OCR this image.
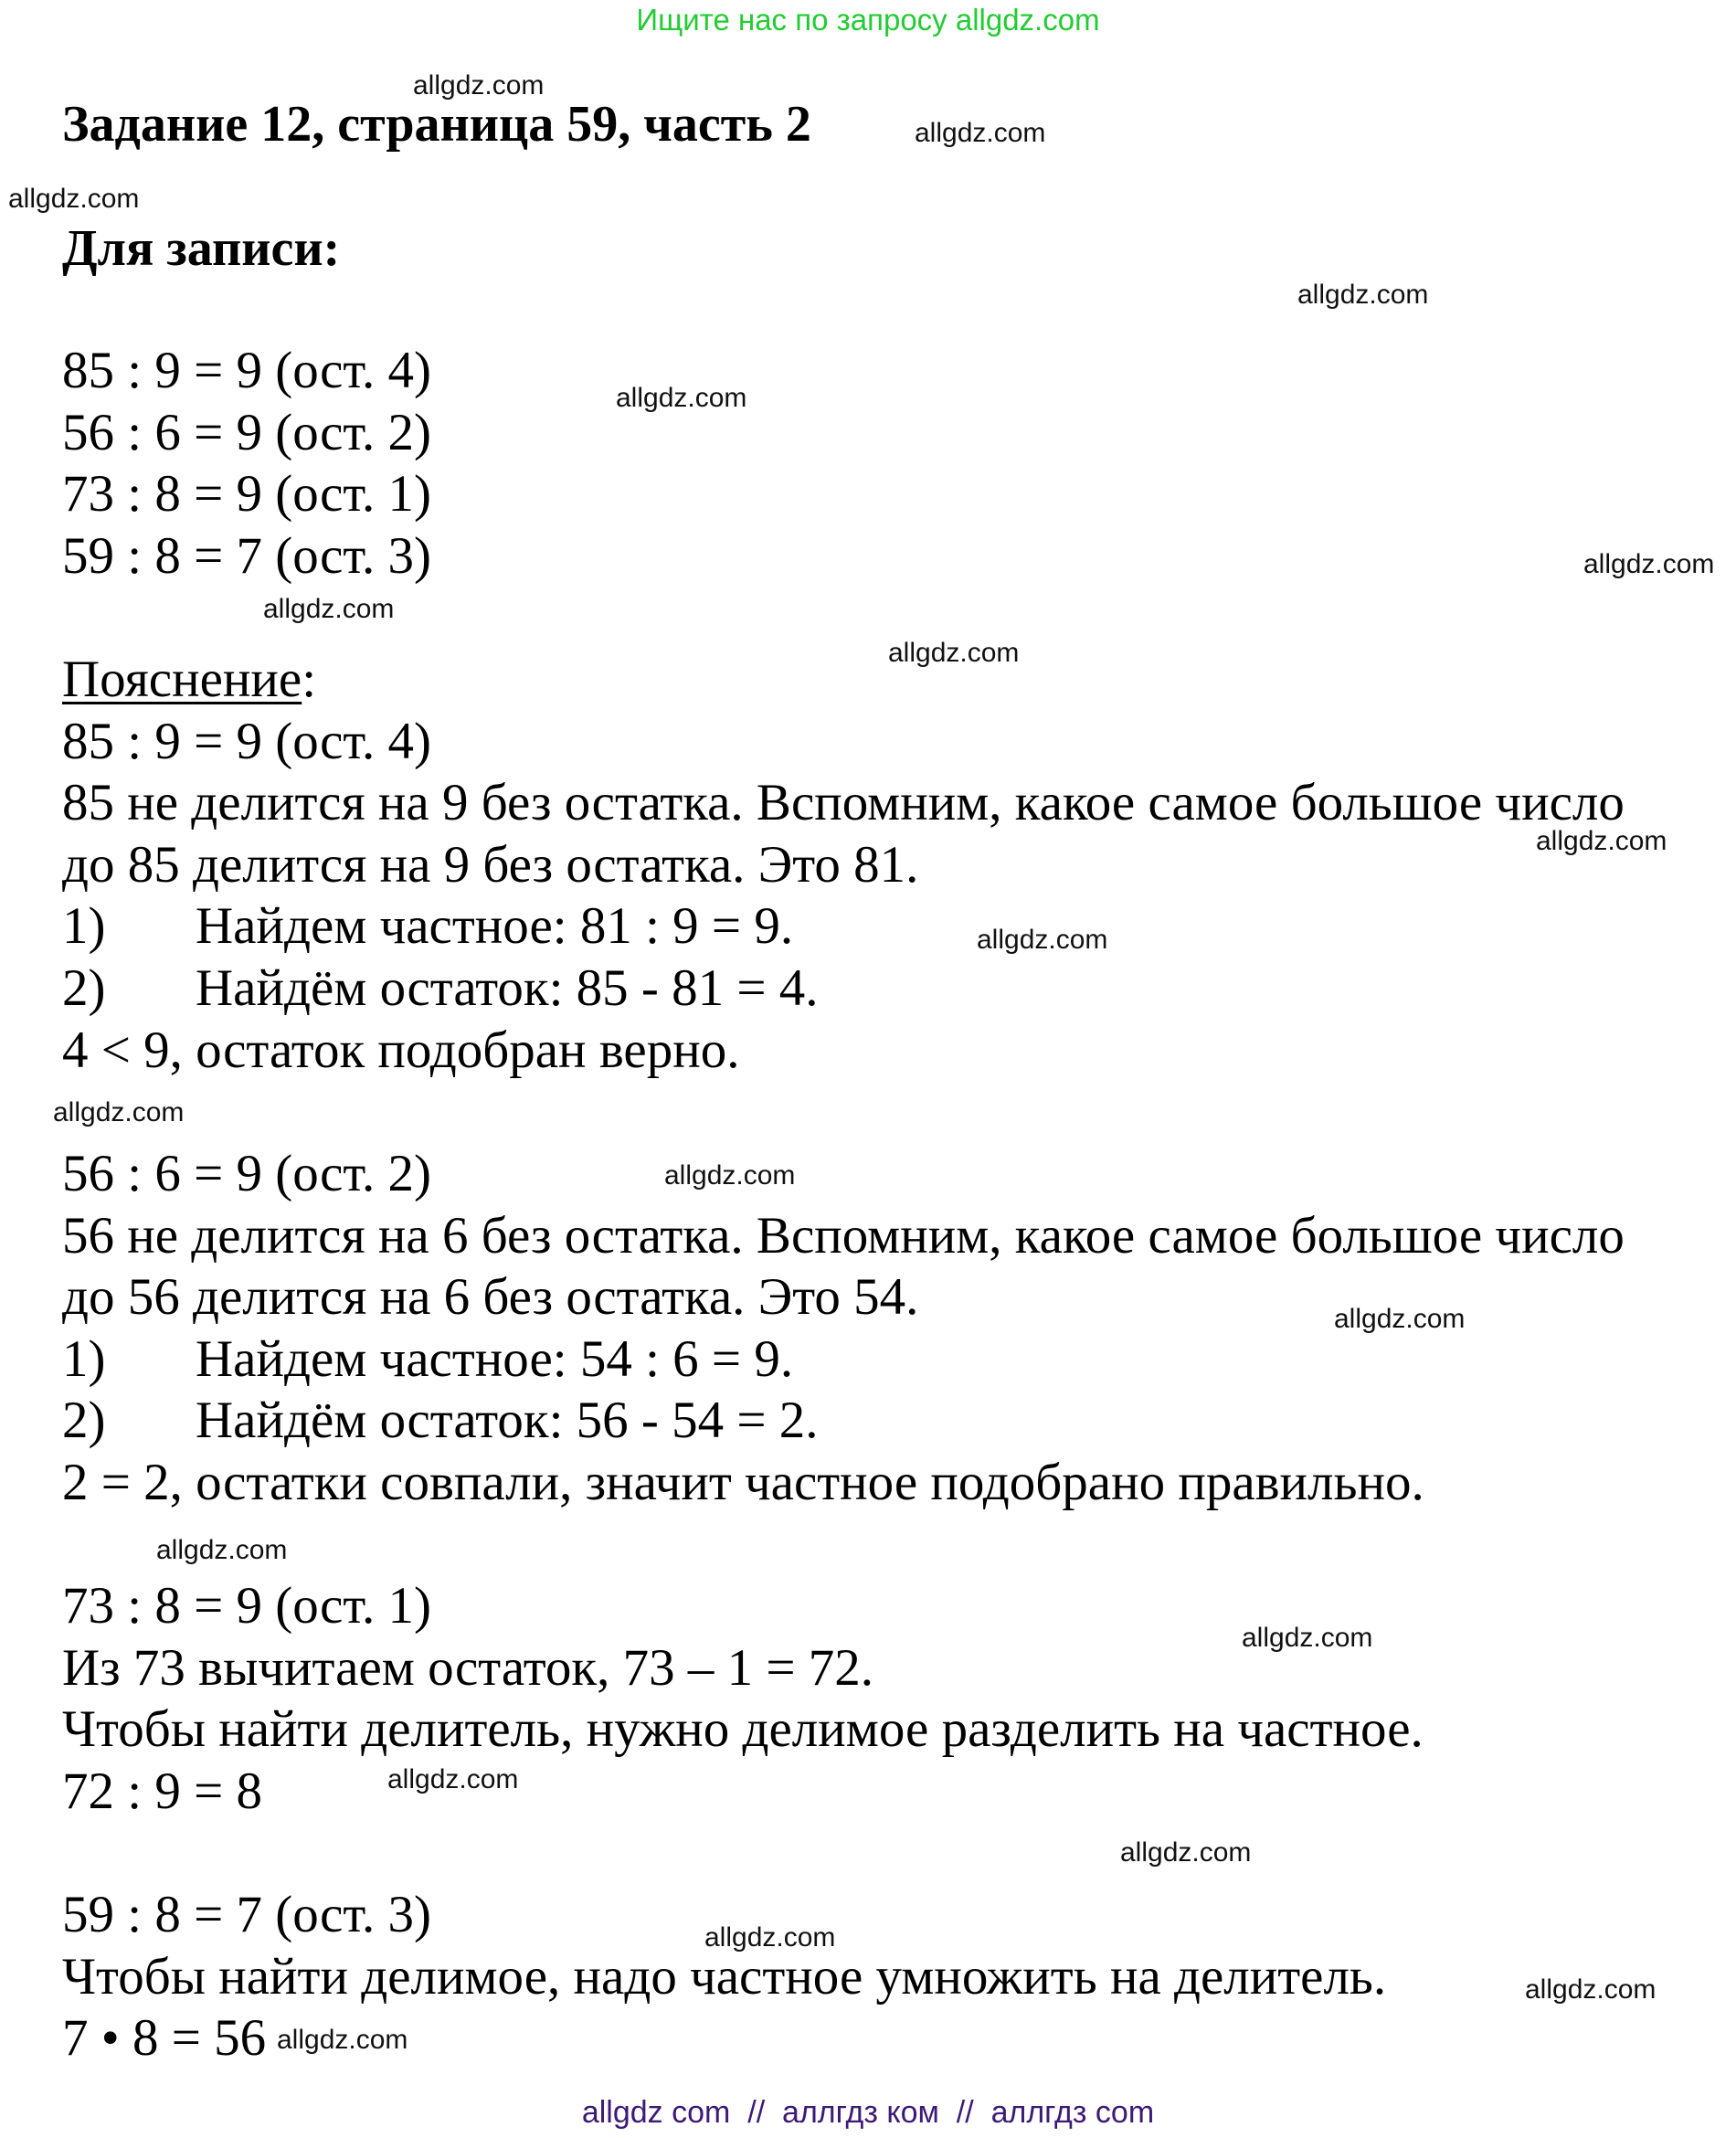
Ищите нас по запросу allgdz.com
Задание 12, страница 59, часть 2
Для записи:
85 : 9 = 9 (ост. 4)
56 : 6 = 9 (ост. 2)
73 : 8 = 9 (ост. 1)
59 : 8 = 7 (ост. 3)
Пояснение:
85 : 9 = 9 (ост. 4)
85 не делится на 9 без остатка. Вспомним, какое самое большое число
до 85 делится на 9 без остатка. Это 81.
1) Найдем частное: 81 : 9 = 9.
2) Найдём остаток: 85 - 81 = 4.
4 < 9, остаток подобран верно.
56 : 6 = 9 (ост. 2)
56 не делится на 6 без остатка. Вспомним, какое самое большое число
до 56 делится на 6 без остатка. Это 54.
1) Найдем частное: 54 : 6 = 9.
2) Найдём остаток: 56 - 54 = 2.
2 = 2, остатки совпали, значит частное подобрано правильно.
73 : 8 = 9 (ост. 1)
Из 73 вычитаем остаток, 73 – 1 = 72.
Чтобы найти делитель, нужно делимое разделить на частное.
72 : 9 = 8
59 : 8 = 7 (ост. 3)
Чтобы найти делимое, надо частное умножить на делитель.
7 • 8 = 56
allgdz.com
allgdz.com
allgdz.com
allgdz.com
allgdz.com
allgdz.com
allgdz.com
allgdz.com
allgdz.com
allgdz.com
allgdz.com
allgdz.com
allgdz.com
allgdz.com
allgdz.com
allgdz.com
allgdz.com
allgdz.com
allgdz.com
allgdz.com
allgdz com  //  аллгдз ком  //  аллгдз com
